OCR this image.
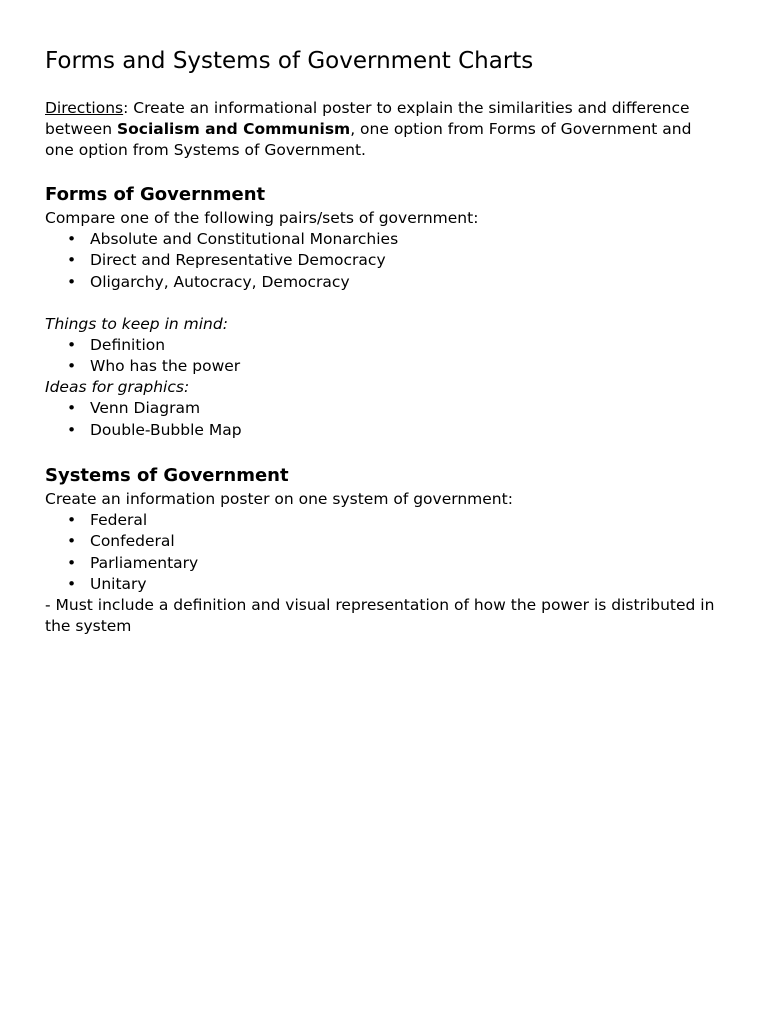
Forms and Systems of Government Charts

Directions: Create an informational poster to explain the similarities and difference between Socialism and Communism, one option from Forms of Government and one option from Systems of Government.

Forms of Government

Compare one of the following pairs/sets of government:

• Absolute and Constitutional Monarchies
• Direct and Representative Democracy
• Oligarchy, Autocracy, Democracy

Things to keep in mind:

• Definition
• Who has the power

Ideas for graphics:

• Venn Diagram
• Double-Bubble Map
Systems of Government

Create an information poster on one system of government:

• Federal
• Confederal
• Parliamentary
• Unitary

- Must include a definition and visual representation of how the power is distributed in the system
